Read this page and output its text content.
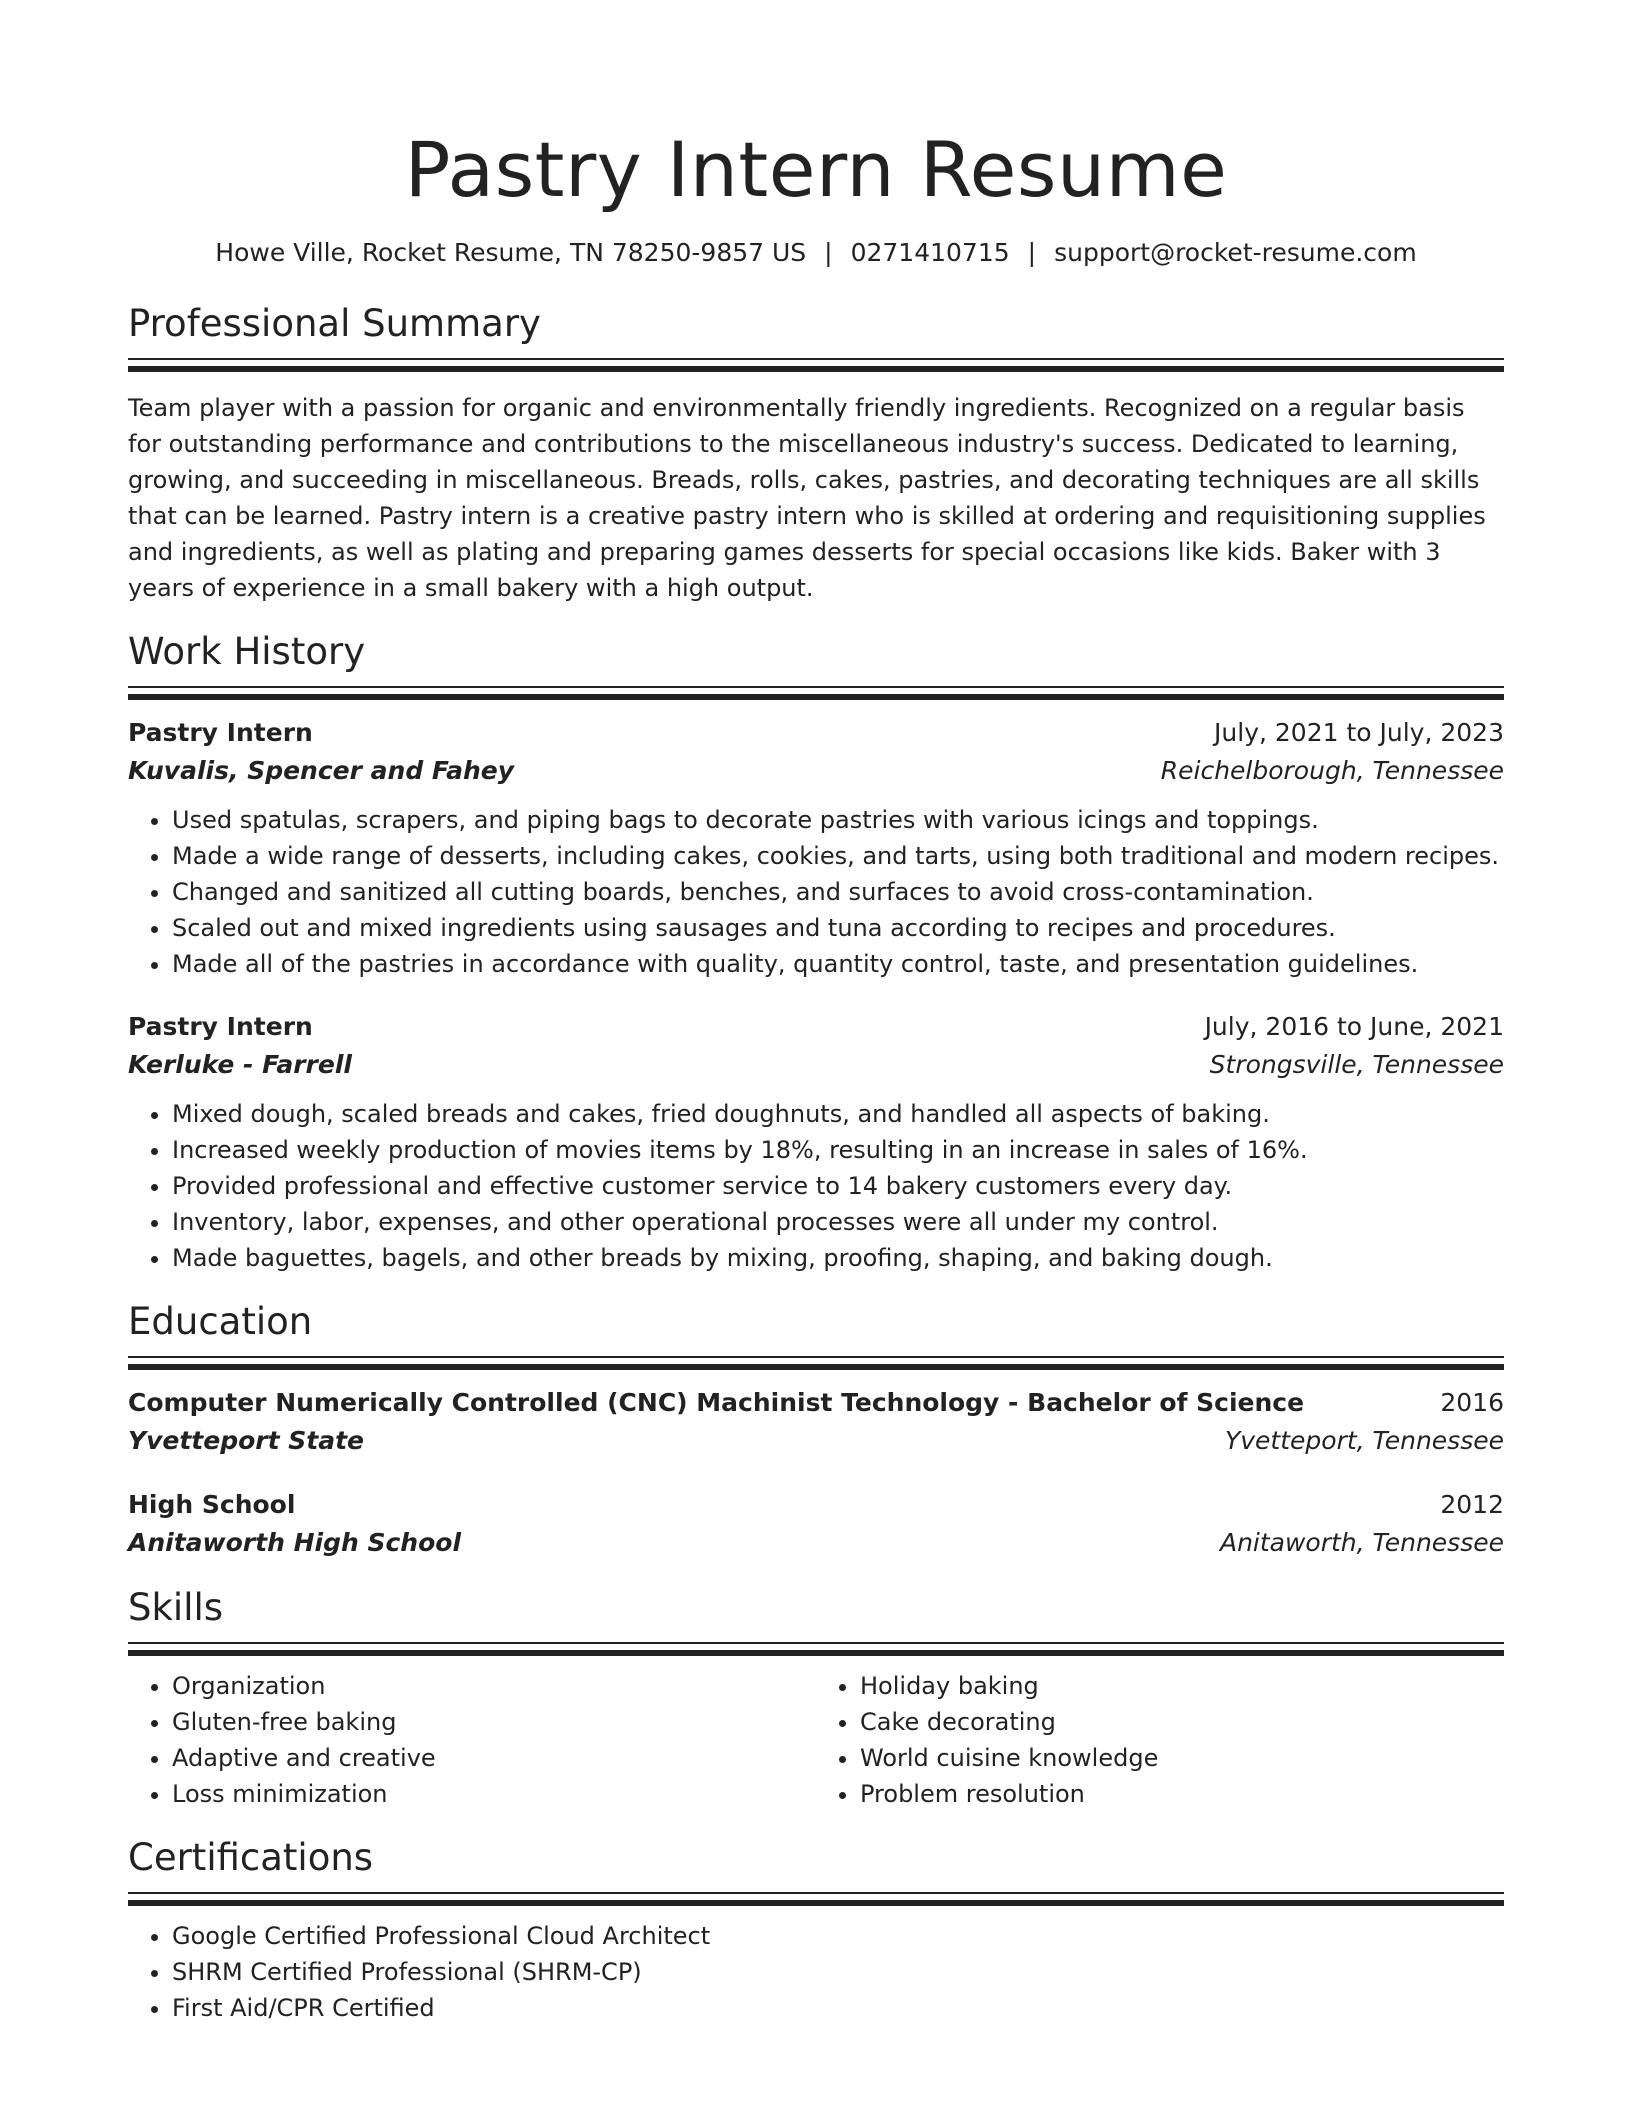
Pastry Intern Resume
Howe Ville, Rocket Resume, TN 78250-9857 US | 0271410715 | support@rocket-resume.com
Professional Summary
Team player with a passion for organic and environmentally friendly ingredients. Recognized on a regular basis for outstanding performance and contributions to the miscellaneous industry's success. Dedicated to learning, growing, and succeeding in miscellaneous. Breads, rolls, cakes, pastries, and decorating techniques are all skills that can be learned. Pastry intern is a creative pastry intern who is skilled at ordering and requisitioning supplies and ingredients, as well as plating and preparing games desserts for special occasions like kids. Baker with 3 years of experience in a small bakery with a high output.
Work History
Pastry Intern	July, 2021 to July, 2023
Kuvalis, Spencer and Fahey	Reichelborough, Tennessee
• Used spatulas, scrapers, and piping bags to decorate pastries with various icings and toppings.
• Made a wide range of desserts, including cakes, cookies, and tarts, using both traditional and modern recipes.
• Changed and sanitized all cutting boards, benches, and surfaces to avoid cross-contamination.
• Scaled out and mixed ingredients using sausages and tuna according to recipes and procedures.
• Made all of the pastries in accordance with quality, quantity control, taste, and presentation guidelines.
Pastry Intern	July, 2016 to June, 2021
Kerluke - Farrell	Strongsville, Tennessee
• Mixed dough, scaled breads and cakes, fried doughnuts, and handled all aspects of baking.
• Increased weekly production of movies items by 18%, resulting in an increase in sales of 16%.
• Provided professional and effective customer service to 14 bakery customers every day.
• Inventory, labor, expenses, and other operational processes were all under my control.
• Made baguettes, bagels, and other breads by mixing, proofing, shaping, and baking dough.
Education
Computer Numerically Controlled (CNC) Machinist Technology - Bachelor of Science	2016
Yvetteport State	Yvetteport, Tennessee
High School	2012
Anitaworth High School	Anitaworth, Tennessee
Skills
• Organization
• Gluten-free baking
• Adaptive and creative
• Loss minimization
• Holiday baking
• Cake decorating
• World cuisine knowledge
• Problem resolution
Certifications
• Google Certified Professional Cloud Architect
• SHRM Certified Professional (SHRM-CP)
• First Aid/CPR Certified
